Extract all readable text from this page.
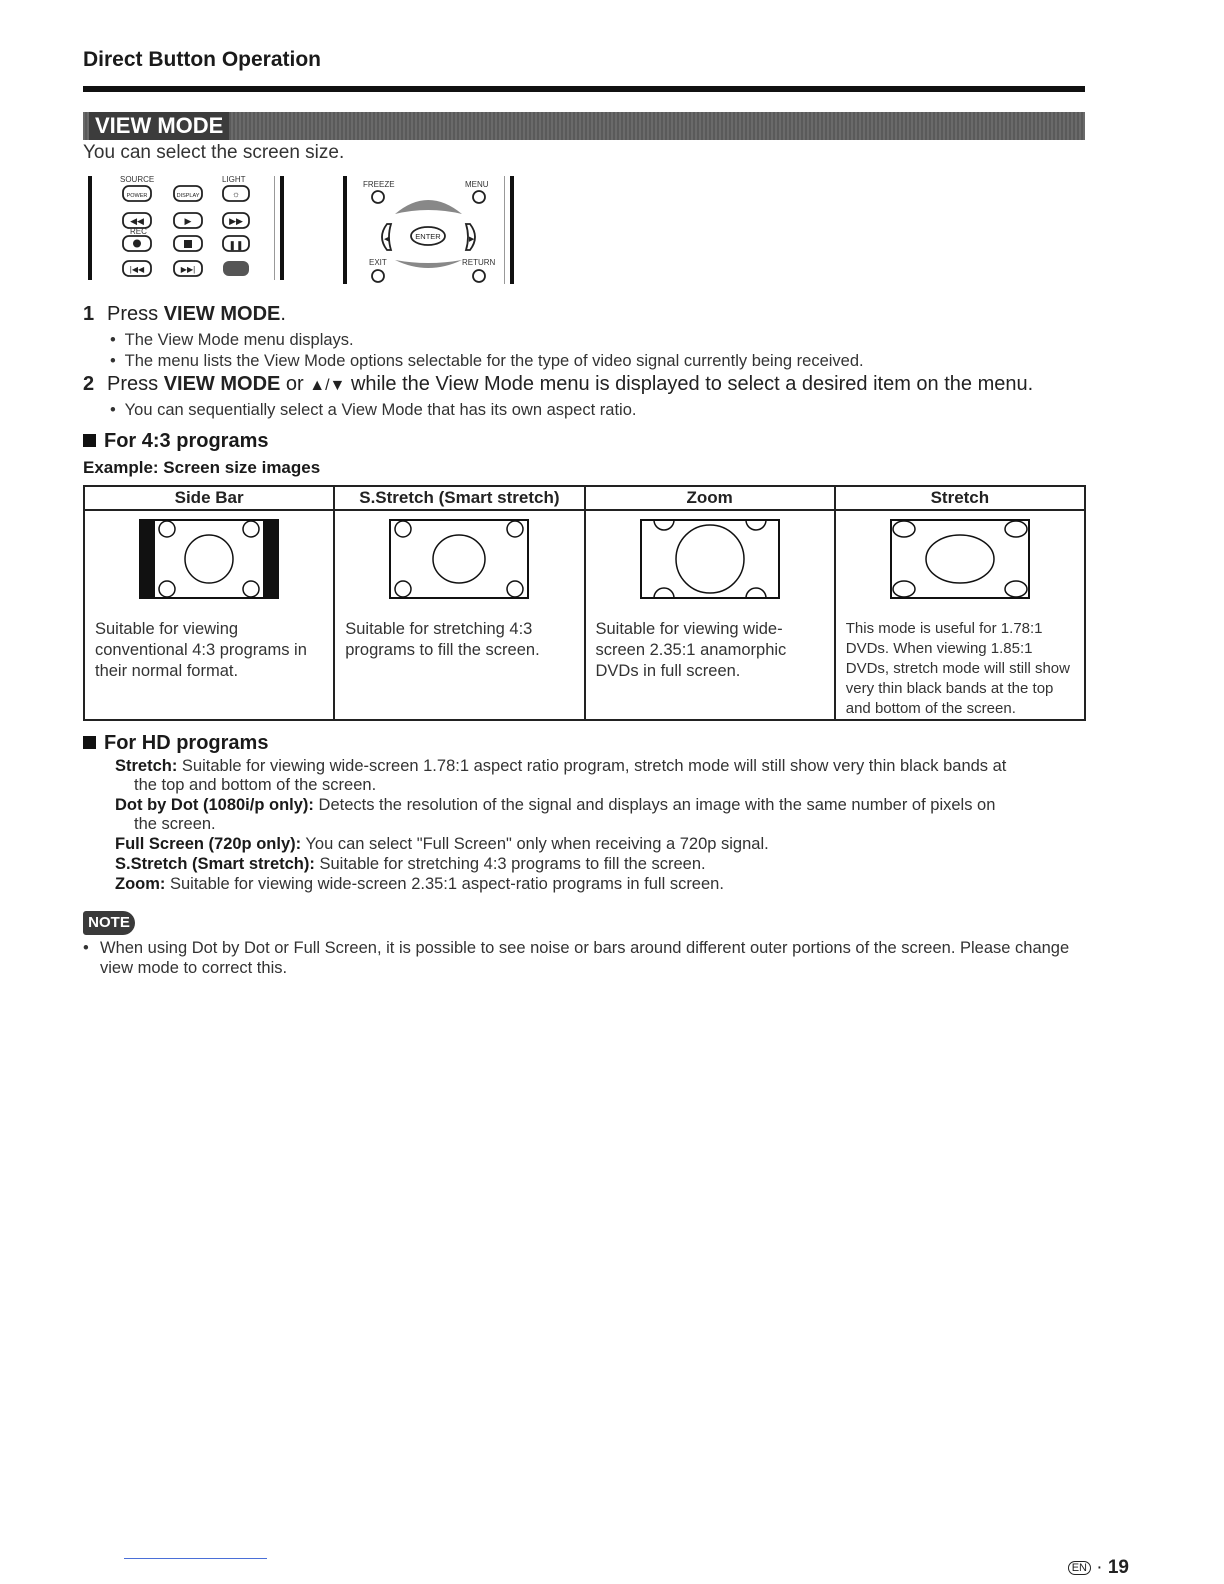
Direct Button Operation
VIEW MODE
You can select the screen size.
SOURCE	LIGHT
POWER	DISPLAY	☼
◀◀	▶	▶▶
REC
❚❚
|◀◀	▶▶|
FREEZE	MENU
◀	▶
ENTER
EXIT	RETURN
1 Press VIEW MODE.
•  The View Mode menu displays.
•  The menu lists the View Mode options selectable for the type of video signal currently being received.
2 Press VIEW MODE or ▲/▼ while the View Mode menu is displayed to select a desired item on the menu.
•  You can sequentially select a View Mode that has its own aspect ratio.
For 4:3 programs
Example: Screen size images
Side Bar	S.Stretch (Smart stretch)	Zoom	Stretch

Suitable for viewing conventional 4:3 programs in their normal format.	Suitable for stretching 4:3 programs to fill the screen.	Suitable for viewing wide-screen 2.35:1 anamorphic DVDs in full screen.	This mode is useful for 1.78:1 DVDs. When viewing 1.85:1 DVDs, stretch mode will still show very thin black bands at the top and bottom of the screen.
For HD programs
Stretch: Suitable for viewing wide-screen 1.78:1 aspect ratio program, stretch mode will still show very thin black bands at
the top and bottom of the screen.
Dot by Dot (1080i/p only): Detects the resolution of the signal and displays an image with the same number of pixels on
the screen.
Full Screen (720p only): You can select "Full Screen" only when receiving a 720p signal.
S.Stretch (Smart stretch): Suitable for stretching 4:3 programs to fill the screen.
Zoom: Suitable for viewing wide-screen 2.35:1 aspect-ratio programs in full screen.
NOTE
• When using Dot by Dot or Full Screen, it is possible to see noise or bars around different outer portions of the screen. Please change view mode to correct this.
EN · 19
